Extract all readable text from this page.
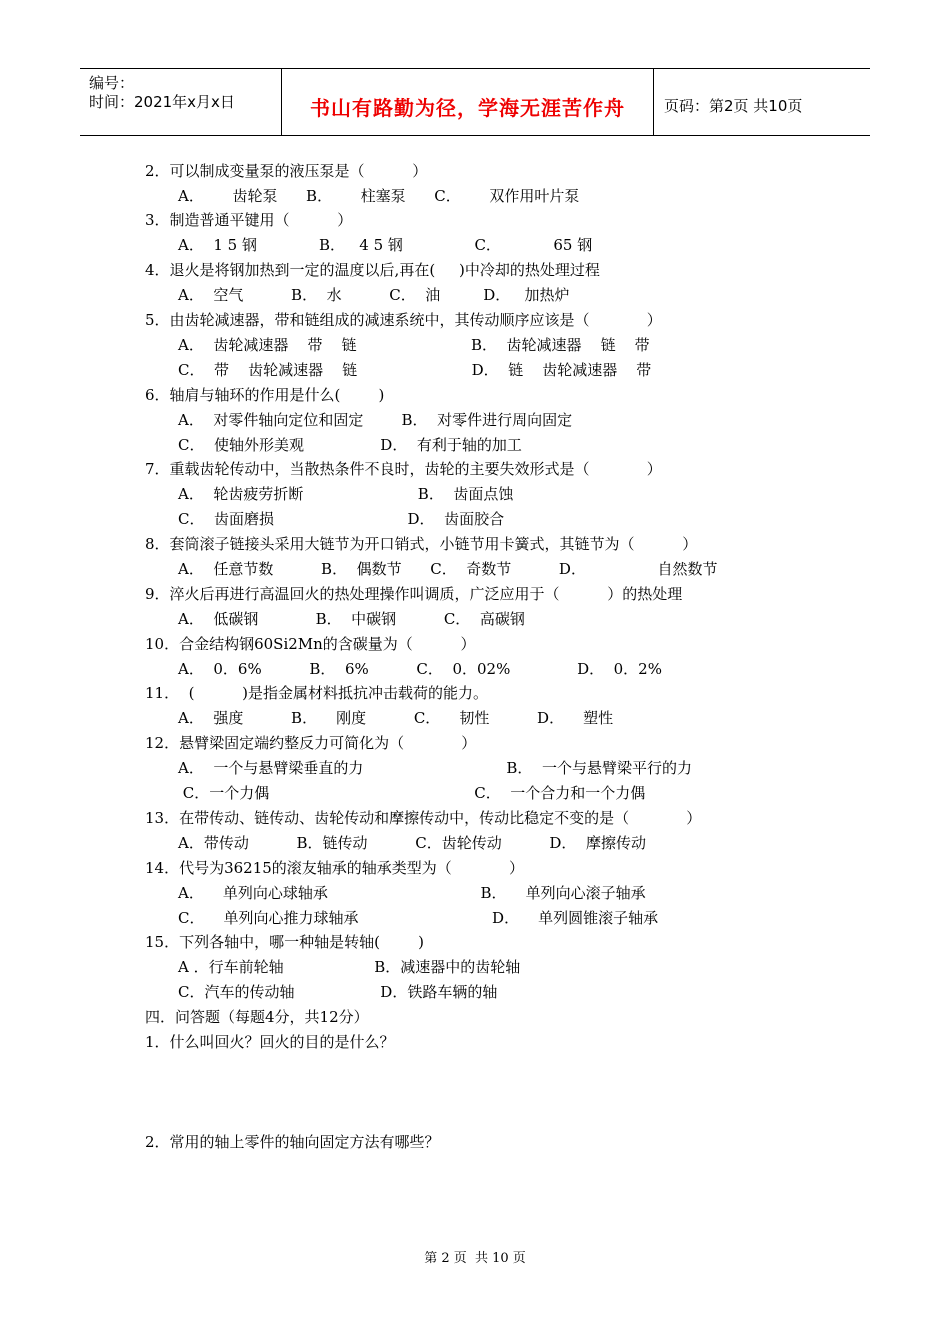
编号：
时间：2021年x月x日	书山有路勤为径，学海无涯苦作舟	页码：第2页 共10页
2．可以制成变量泵的液压泵是（          ）
A．      齿轮泵      B．      柱塞泵      C．      双作用叶片泵
3．制造普通平键用（          ）
A．  1 5 钢             B．   4 5 钢               C．           65 钢
4．退火是将钢加热到一定的温度以后,再在(     )中冷却的热处理过程
A．  空气          B．  水          C．  油         D．   加热炉
5．由齿轮减速器，带和链组成的减速系统中，其传动顺序应该是（            ）
A．  齿轮减速器    带    链                        B．  齿轮减速器    链    带
C．  带    齿轮减速器    链                        D．  链    齿轮减速器    带
6．轴肩与轴环的作用是什么(        )
A．  对零件轴向定位和固定        B．  对零件进行周向固定
C．  使轴外形美观                D．  有利于轴的加工
7．重载齿轮传动中，当散热条件不良时，齿轮的主要失效形式是（            ）
A．  轮齿疲劳折断                        B．  齿面点蚀
C．  齿面磨损                            D．  齿面胶合
8．套筒滚子链接头采用大链节为开口销式，小链节用卡簧式，其链节为（          ）
A．  任意节数          B．  偶数节      C．  奇数节          D．               自然数节
9．淬火后再进行高温回火的热处理操作叫调质，广泛应用于（          ）的热处理
A．  低碳钢            B．  中碳钢          C．  高碳钢
10．合金结构钢60Si2Mn的含碳量为（          ）
A．  0．6%          B．  6%          C．  0．02%              D．  0．2%
11．  (          )是指金属材料抵抗冲击载荷的能力。
A．  强度          B．    刚度          C．    韧性          D．    塑性
12．悬臂梁固定端约整反力可简化为（            ）
A．  一个与悬臂梁垂直的力                              B．  一个与悬臂梁平行的力
C．一个力偶                                           C．  一个合力和一个力偶
13．在带传动、链传动、齿轮传动和摩擦传动中，传动比稳定不变的是（            ）
A．带传动          B．链传动          C．齿轮传动          D．  摩擦传动
14．代号为36215的滚友轴承的轴承类型为（            ）
A．    单列向心球轴承                                B．    单列向心滚子轴承
C．    单列向心推力球轴承                            D．    单列圆锥滚子轴承
15．下列各轴中，哪一种轴是转轴(        )
A ．行车前轮轴                   B．减速器中的齿轮轴
C．汽车的传动轴                  D．铁路车辆的轴
四．问答题（每题4分，共12分）
1．什么叫回火？回火的目的是什么？
2．常用的轴上零件的轴向固定方法有哪些？
第 2 页  共 10 页
